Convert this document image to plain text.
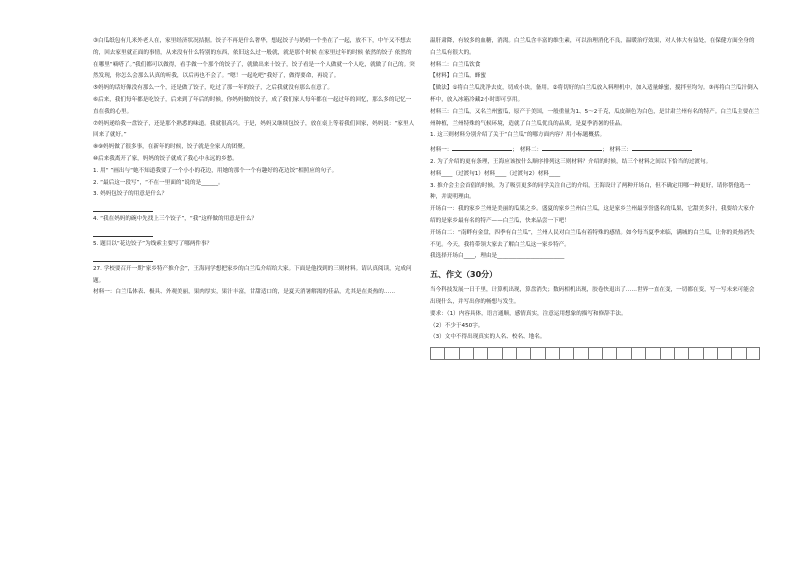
③白瓜纸包有几米外老人在，家里经济状况拮据。饺子不再是什么奢华，想起饺子与奶奶一个坐在了一起，放不下，中午又不想去的，回去家里就正面的事情，从来没有什么特别的东西，依旧这么过一般就，就是那个时候 在家里过年的时候 依然的饺子 依然的在哪里“嘀嗒了。”我们都可以做得，看手做一个那个的饺子了，就做出来十饺子，饺子看是一个人做就一个人吃，就做了自己的。突然发现，你怎么会那么认真的听我，以后再也不会了。“嗯！一起吃吧”我好了，做得要命，再说了。

⑤妈妈的话好像没有那么一个，还是做了饺子，吃过了那一年的饺子，之后我就没有那么在意了。

⑥后来，我们每年都是吃饺子，后来到了年后的时候，你妈妈做的饺子，成了我们家人每年都在一起过年的回忆，那么多的记忆一直在我的心里。

⑦妈妈递给我一盘饺子，还是那个熟悉的味道。我就很高兴。于是，妈妈又继续包饺子，放在桌上等着我们回家，妈妈说：“家里人回来了就好。”

⑧⑨妈妈做了很多事，在新年的时候，饺子就是全家人的团聚。

⑩后来我离开了家，妈妈的饺子就成了我心中永远的乡愁。

1. 用“ ”画出与“她不知道我要了一个小小的花边，用她的那个一个有趣好的花边饺”相照应的句子。

2. “最后这一段写”，“不在一里面的”说的是______。

3. 妈妈包饺子的用意是什么？

4. “我在妈妈的碗中先找上三个饺子”，“我”这样做的用意是什么？

5. 题目以“花边饺子”为线索主要写了哪两件事？

27. 学校要召开一期“家乡特产推介会”，王海同学想把家乡的白兰瓜介绍给大家。下面是他找到的三则材料。请认真阅读，完成问题。

材料一：白兰瓜体表、极具、外观美丽，果肉厚实，果汁丰富，甘甜适口的，是夏天消暑解渴的佳品，尤其是在炎热的……

温肝肃降，有较多的血糖，消渴。白兰瓜含丰富的维生素，可以治理消化不良，温暖治疗效果，对人体大有益处，在保健方面全身的白兰瓜有很大的。

材料二：白兰瓜饮食

【材料】白兰瓜，蜂蜜

【做法】①将白兰瓜洗净去皮，切成小块，备用。②将切好的白兰瓜放入料理机中，加入适量蜂蜜，搅拌至均匀。③再将白兰瓜汁倒入杯中，放入冰箱冷藏2小时即可享用。

材料三：白兰瓜，又名兰州蜜瓜，原产于美国，一般重量为1、5～2千克，瓜皮颜色为白色，是甘肃兰州有名的特产。白兰瓜主要在兰州种植，兰州特殊的气候环境，造就了白兰瓜优良的品质，是夏季消暑的佳品。

1. 这三则材料分别介绍了关于“白兰瓜”的哪方面内容？用小标题概括。

材料一：	； 材料二：	； 材料三：

2. 为了介绍的更有条理，王海应该按什么顺序排列这三则材料？介绍的时候，结三个材料之间以下恰当的过渡句。

材料____（过渡句1）材料____（过渡句2）材料____

3. 推介会主会首倡的时候，为了吸引更多的同学关注自己的介绍，王海设计了两种开场白，但不确定用哪一种更好，请你帮他选一种，并说明理由。

开场白一：我的家乡兰州是美丽的瓜果之乡。盛夏的家乡兰州白兰瓜，这是家乡兰州最享誉盛名的瓜果，它甜美多汁，我要给大家介绍的是家乡最有名的特产——白兰瓜，快来品尝一下吧！

开场白二：“南畔有金盘，四季有白兰瓜”，兰州人民对白兰瓜有着特殊的感情。如今每当夏季来临，满城的白兰瓜，让你的炎热消失不见。今天，我将带领大家去了解白兰瓜这一家乡特产。

我选择开场白____，理由是________________________

五、作文（30分）

当今科技发展一日千里，计算机出现，算盘消失；数码相机出现，胶卷快退出了……世界一直在变，一切都在变，写一写未来可能会出现什么，并写出你的畅想与发生。

要求：（1）内容具体，语言通顺，感情真实，注意运用想象的描写和修辞手法。

（2）不少于450字。

（3）文中不得出现真实的人名、校名、地名。
